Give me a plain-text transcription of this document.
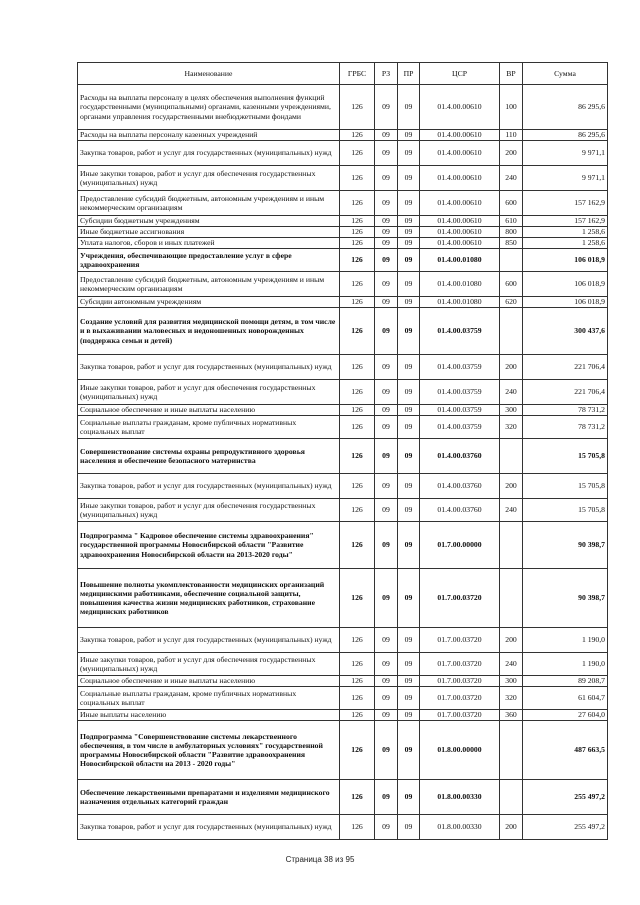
Наименование	ГРБС	РЗ	ПР	ЦСР	ВР	Сумма
Расходы на выплаты персоналу в целях обеспечения выполнения функций государственными (муниципальными) органами, казенными учреждениями, органами управления государственными внебюджетными фондами	126	09	09	01.4.00.00610	100	86 295,6
Расходы на выплаты персоналу казенных учреждений	126	09	09	01.4.00.00610	110	86 295,6
Закупка товаров, работ и услуг для государственных (муниципальных) нужд	126	09	09	01.4.00.00610	200	9 971,1
Иные закупки товаров, работ и услуг для обеспечения государственных (муниципальных) нужд	126	09	09	01.4.00.00610	240	9 971,1
Предоставление субсидий бюджетным, автономным учреждениям и иным некоммерческим организациям	126	09	09	01.4.00.00610	600	157 162,9
Субсидии бюджетным учреждениям	126	09	09	01.4.00.00610	610	157 162,9
Иные бюджетные ассигнования	126	09	09	01.4.00.00610	800	1 258,6
Уплата налогов, сборов и иных платежей	126	09	09	01.4.00.00610	850	1 258,6
Учреждения, обеспечивающие предоставление услуг в сфере здравоохранения	126	09	09	01.4.00.01080		106 018,9
Предоставление субсидий бюджетным, автономным учреждениям и иным некоммерческим организациям	126	09	09	01.4.00.01080	600	106 018,9
Субсидии автономным учреждениям	126	09	09	01.4.00.01080	620	106 018,9
Создание условий для развития медицинской помощи детям, в том числе и в выхаживании маловесных и недоношенных новорожденных (поддержка семьи и детей)	126	09	09	01.4.00.03759		300 437,6
Закупка товаров, работ и услуг для государственных (муниципальных) нужд	126	09	09	01.4.00.03759	200	221 706,4
Иные закупки товаров, работ и услуг для обеспечения государственных (муниципальных) нужд	126	09	09	01.4.00.03759	240	221 706,4
Социальное обеспечение и иные выплаты населению	126	09	09	01.4.00.03759	300	78 731,2
Социальные выплаты гражданам, кроме публичных нормативных социальных выплат	126	09	09	01.4.00.03759	320	78 731,2
Совершенствование системы охраны репродуктивного здоровья населения и обеспечение безопасного материнства	126	09	09	01.4.00.03760		15 705,8
Закупка товаров, работ и услуг для государственных (муниципальных) нужд	126	09	09	01.4.00.03760	200	15 705,8
Иные закупки товаров, работ и услуг для обеспечения государственных (муниципальных) нужд	126	09	09	01.4.00.03760	240	15 705,8
Подпрограмма " Кадровое обеспечение системы здравоохранения" государственной программы Новосибирской области "Развитие здравоохранения Новосибирской области на 2013-2020 годы"	126	09	09	01.7.00.00000		90 398,7
Повышение полноты укомплектованности медицинских организаций медицинскими работниками, обеспечение социальной защиты, повышения качества жизни медицинских работников, страхование медицинских работников	126	09	09	01.7.00.03720		90 398,7
Закупка товаров, работ и услуг для государственных (муниципальных) нужд	126	09	09	01.7.00.03720	200	1 190,0
Иные закупки товаров, работ и услуг для обеспечения государственных (муниципальных) нужд	126	09	09	01.7.00.03720	240	1 190,0
Социальное обеспечение и иные выплаты населению	126	09	09	01.7.00.03720	300	89 208,7
Социальные выплаты гражданам, кроме публичных нормативных социальных выплат	126	09	09	01.7.00.03720	320	61 604,7
Иные выплаты населению	126	09	09	01.7.00.03720	360	27 604,0
Подпрограмма "Совершенствование системы лекарственного обеспечения, в том числе в амбулаторных условиях" государственной программы Новосибирской области "Развитие здравоохранения Новосибирской области на 2013 - 2020 годы"	126	09	09	01.8.00.00000		487 663,5
Обеспечение лекарственными препаратами и изделиями медицинского назначения отдельных категорий граждан	126	09	09	01.8.00.00330		255 497,2
Закупка товаров, работ и услуг для государственных (муниципальных) нужд	126	09	09	01.8.00.00330	200	255 497,2
Страница 38 из 95
